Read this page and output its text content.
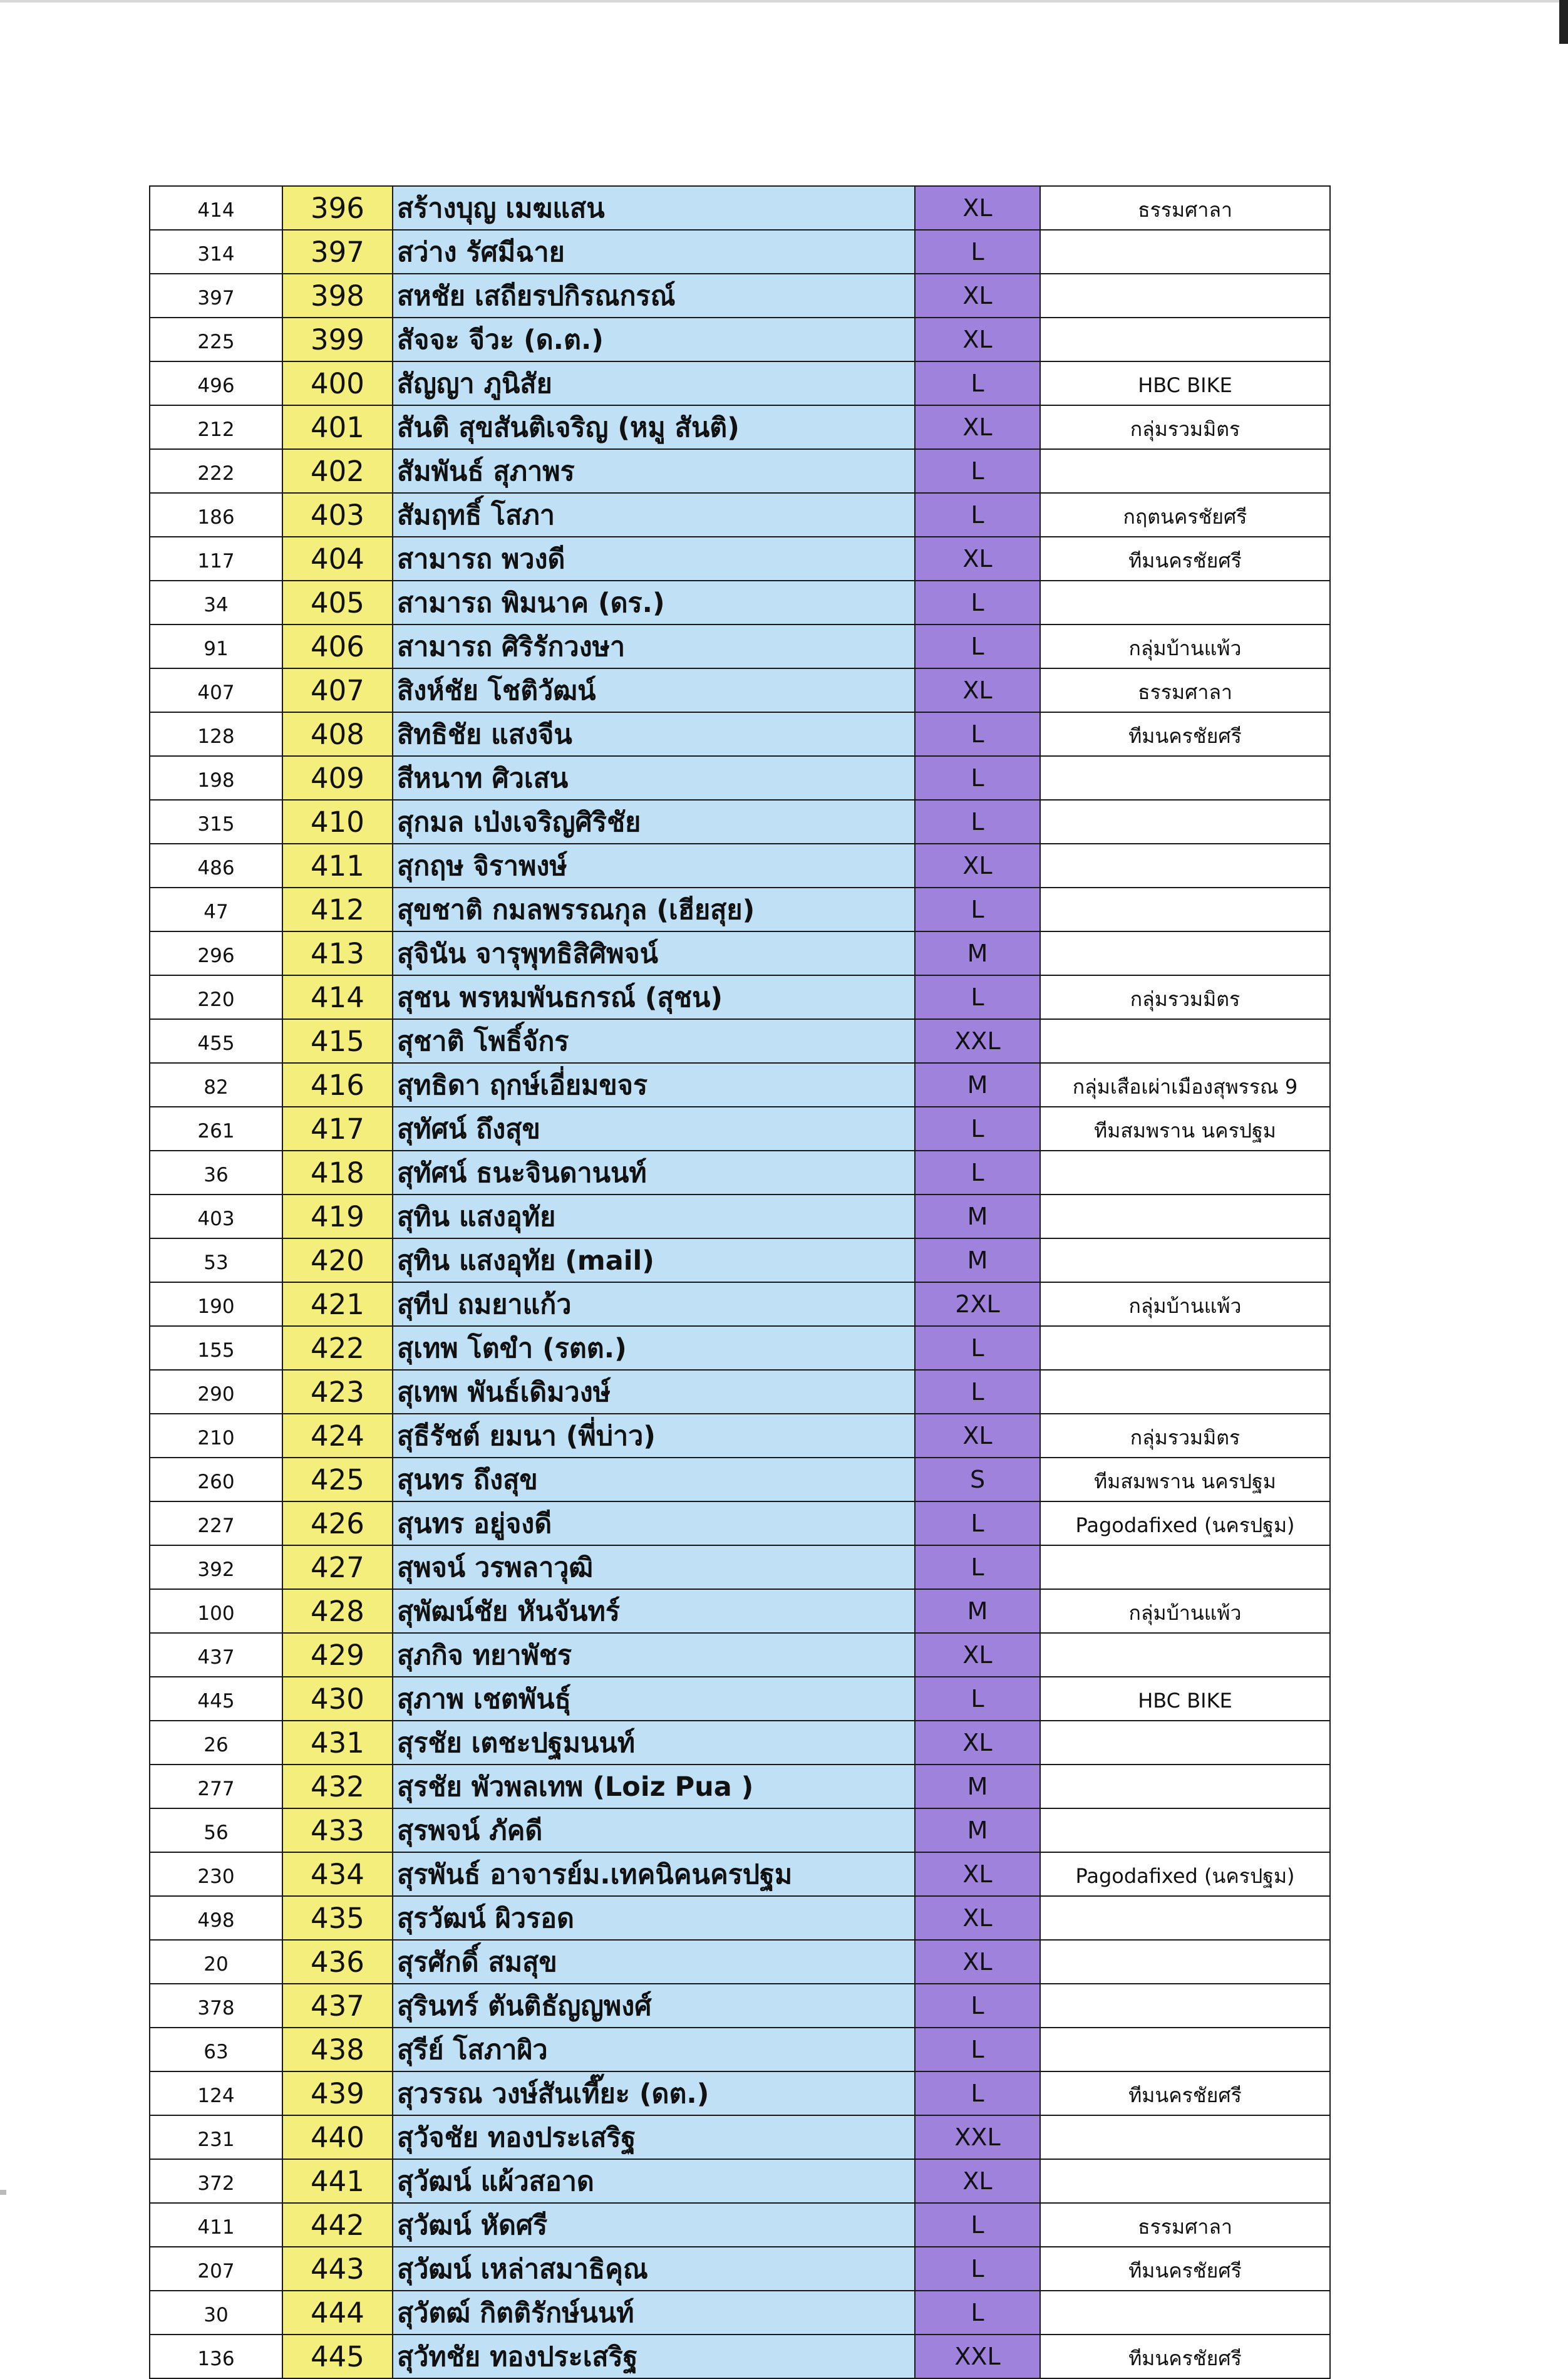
414	396	สร้างบุญ เมฆแสน	XL	ธรรมศาลา
314	397	สว่าง รัศมีฉาย	L	
397	398	สหชัย เสถียรปกิรณกรณ์	XL	
225	399	สัจจะ จีวะ (ด.ต.)	XL	
496	400	สัญญา ภูนิสัย	L	HBC BIKE
212	401	สันติ สุขสันติเจริญ (หมู สันติ)	XL	กลุ่มรวมมิตร
222	402	สัมพันธ์ สุภาพร	L	
186	403	สัมฤทธิ์ โสภา	L	กฤตนครชัยศรี
117	404	สามารถ พวงดี	XL	ทีมนครชัยศรี
34	405	สามารถ พิมนาค (ดร.)	L	
91	406	สามารถ ศิริรักวงษา	L	กลุ่มบ้านแพ้ว
407	407	สิงห์ชัย โชติวัฒน์	XL	ธรรมศาลา
128	408	สิทธิชัย แสงจีน	L	ทีมนครชัยศรี
198	409	สีหนาท ศิวเสน	L	
315	410	สุกมล เป่งเจริญศิริชัย	L	
486	411	สุกฤษ จิราพงษ์	XL	
47	412	สุขชาติ กมลพรรณกุล (เฮียสุย)	L	
296	413	สุจินัน จารุพุทธิสิศิพจน์	M	
220	414	สุชน พรหมพันธกรณ์ (สุชน)	L	กลุ่มรวมมิตร
455	415	สุชาติ โพธิ์จักร	XXL	
82	416	สุทธิดา ฤกษ์เอี่ยมขจร	M	กลุ่มเสือเผ่าเมืองสุพรรณ 9
261	417	สุทัศน์ ถึงสุข	L	ทีมสมพราน นครปฐม
36	418	สุทัศน์ ธนะจินดานนท์	L	
403	419	สุทิน แสงอุทัย	M	
53	420	สุทิน แสงอุทัย (mail)	M	
190	421	สุทีป ถมยาแก้ว	2XL	กลุ่มบ้านแพ้ว
155	422	สุเทพ โตขำ (รตต.)	L	
290	423	สุเทพ พันธ์เดิมวงษ์	L	
210	424	สุธีรัชต์ ยมนา (พี่บ่าว)	XL	กลุ่มรวมมิตร
260	425	สุนทร ถึงสุข	S	ทีมสมพราน นครปฐม
227	426	สุนทร อยู่จงดี	L	Pagodafixed (นครปฐม)
392	427	สุพจน์ วรพลาวุฒิ	L	
100	428	สุพัฒน์ชัย หันจันทร์	M	กลุ่มบ้านแพ้ว
437	429	สุภกิจ ทยาพัชร	XL	
445	430	สุภาพ เชตพันธุ์	L	HBC BIKE
26	431	สุรชัย เตชะปฐมนนท์	XL	
277	432	สุรชัย พัวพลเทพ (Loiz Pua )	M	
56	433	สุรพจน์ ภัคดี	M	
230	434	สุรพันธ์ อาจารย์ม.เทคนิคนครปฐม	XL	Pagodafixed (นครปฐม)
498	435	สุรวัฒน์ ผิวรอด	XL	
20	436	สุรศักดิ์ สมสุข	XL	
378	437	สุรินทร์ ตันติธัญญพงศ์	L	
63	438	สุรีย์ โสภาผิว	L	
124	439	สุวรรณ วงษ์สันเที๊ยะ (ดต.)	L	ทีมนครชัยศรี
231	440	สุวัจชัย ทองประเสริฐ	XXL	
372	441	สุวัฒน์ แผ้วสอาด	XL	
411	442	สุวัฒน์ หัดศรี	L	ธรรมศาลา
207	443	สุวัฒน์ เหล่าสมาธิคุณ	L	ทีมนครชัยศรี
30	444	สุวัตฒ์ กิตติรักษ์นนท์	L	
136	445	สุวัทชัย ทองประเสริฐ	XXL	ทีมนครชัยศรี
